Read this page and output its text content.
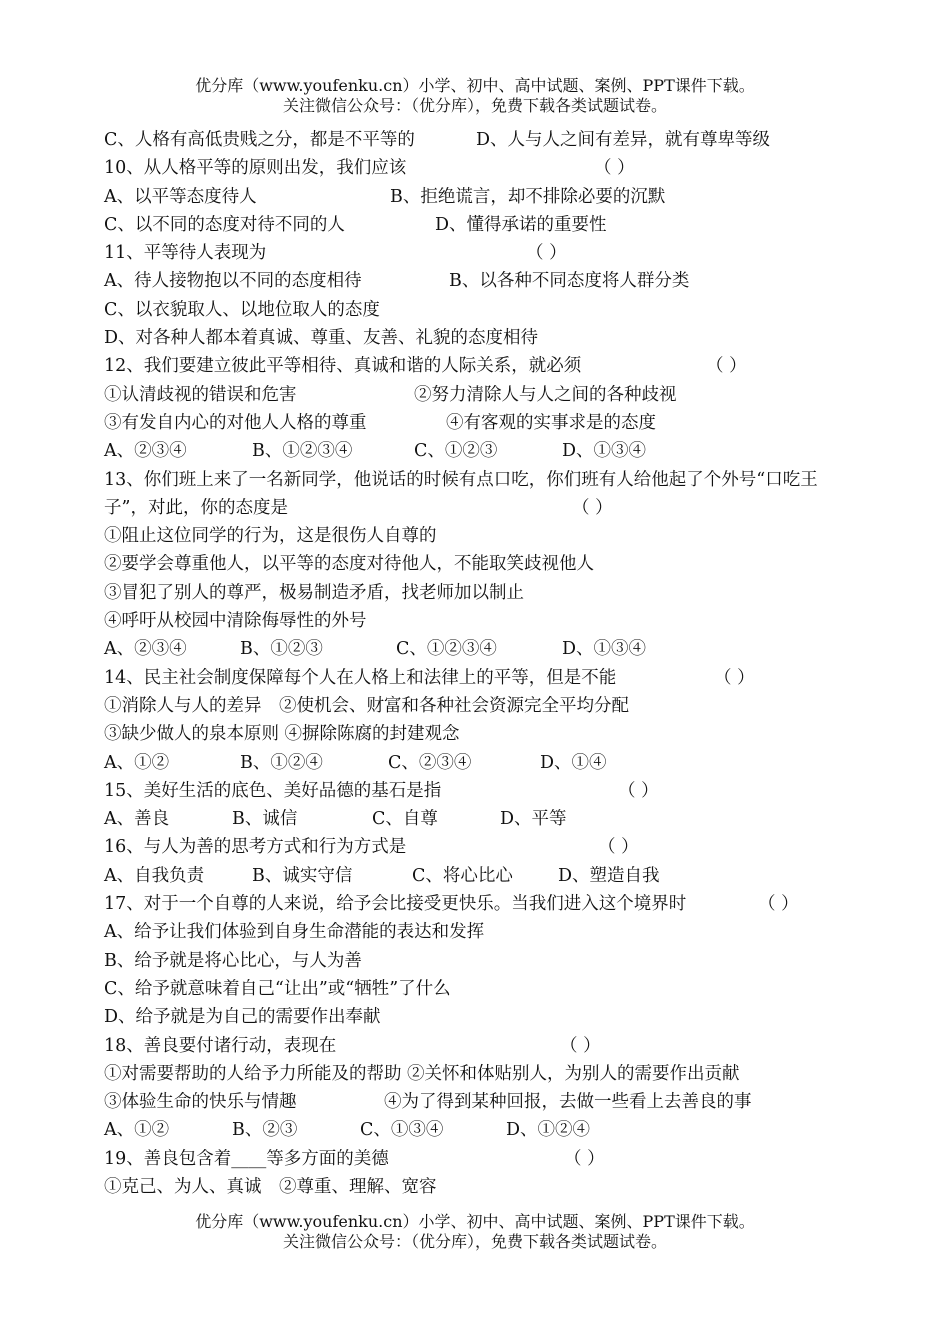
优分库（www.youfenku.cn）小学、初中、高中试题、案例、PPT课件下载。
关注微信公众号：（优分库），免费下载各类试题试卷。
C、人格有高低贵贱之分，都是不平等的	D、人与人之间有差异，就有尊卑等级
10、从人格平等的原则出发，我们应该	（ ）
A、以平等态度待人	B、拒绝谎言，却不排除必要的沉默
C、以不同的态度对待不同的人	D、懂得承诺的重要性
11、平等待人表现为	（ ）
A、待人接物抱以不同的态度相待	B、以各种不同态度将人群分类
C、以衣貌取人、以地位取人的态度
D、对各种人都本着真诚、尊重、友善、礼貌的态度相待
12、我们要建立彼此平等相待、真诚和谐的人际关系，就必须	（ ）
①认清歧视的错误和危害	②努力清除人与人之间的各种歧视
③有发自内心的对他人人格的尊重	④有客观的实事求是的态度
A、②③④	B、①②③④	C、①②③	D、①③④
13、你们班上来了一名新同学，他说话的时候有点口吃，你们班有人给他起了个外号“口吃王子”，对此，你的态度是	（ ）
①阻止这位同学的行为，这是很伤人自尊的
②要学会尊重他人，以平等的态度对待他人，不能取笑歧视他人
③冒犯了别人的尊严，极易制造矛盾，找老师加以制止
④呼吁从校园中清除侮辱性的外号
A、②③④	B、①②③	C、①②③④	D、①③④
14、民主社会制度保障每个人在人格上和法律上的平等，但是不能	（ ）
①消除人与人的差异　②使机会、财富和各种社会资源完全平均分配
③缺少做人的泉本原则 ④摒除陈腐的封建观念
A、①②	B、①②④	C、②③④	D、①④
15、美好生活的底色、美好品德的基石是指	（ ）
A、善良	B、诚信	C、自尊	D、平等
16、与人为善的思考方式和行为方式是	（ ）
A、自我负责	B、诚实守信	C、将心比心	D、塑造自我
17、对于一个自尊的人来说，给予会比接受更快乐。当我们进入这个境界时	（ ）
A、给予让我们体验到自身生命潜能的表达和发挥
B、给予就是将心比心，与人为善
C、给予就意味着自己“让出”或“牺牲”了什么
D、给予就是为自己的需要作出奉献
18、善良要付诸行动，表现在	（ ）
①对需要帮助的人给予力所能及的帮助 ②关怀和体贴别人，为别人的需要作出贡献
③体验生命的快乐与情趣	④为了得到某种回报，去做一些看上去善良的事
A、①②	B、②③	C、①③④	D、①②④
19、善良包含着____等多方面的美德	（ ）
①克己、为人、真诚　②尊重、理解、宽容
优分库（www.youfenku.cn）小学、初中、高中试题、案例、PPT课件下载。
关注微信公众号：（优分库），免费下载各类试题试卷。
